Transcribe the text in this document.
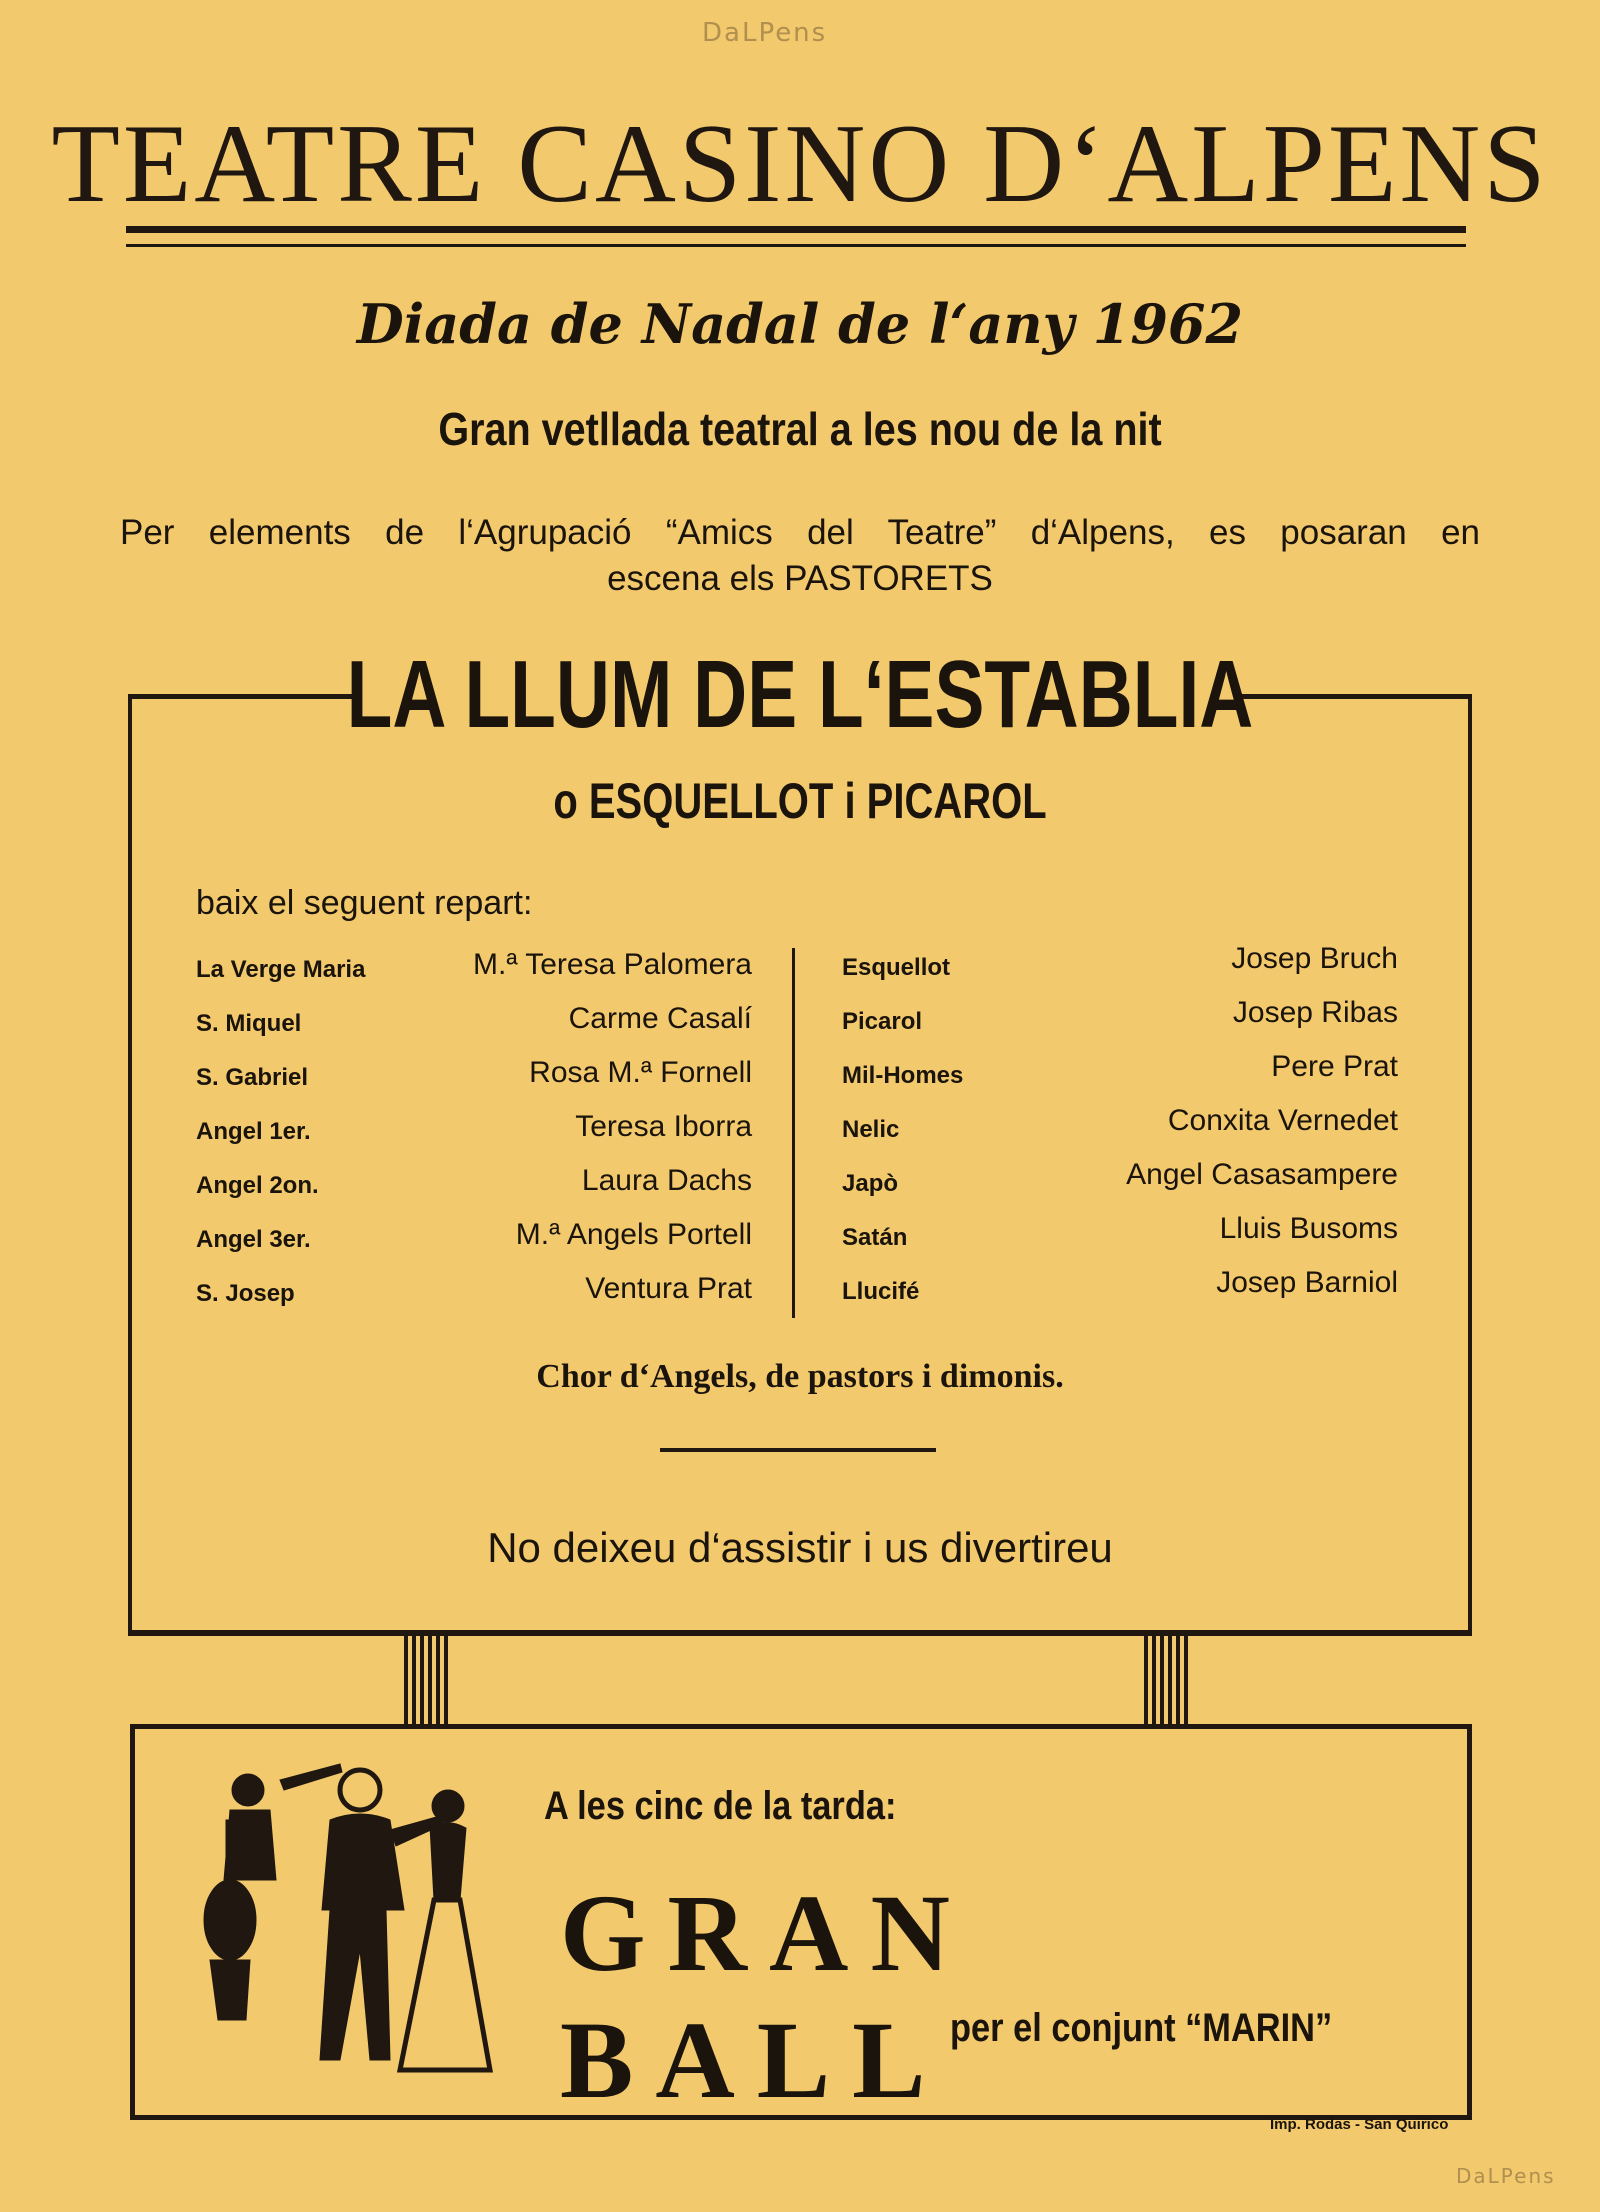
DaLPens
DaLPens
TEATRE CASINO D‘ALPENS
Diada de Nadal de l‘any 1962
Gran vetllada teatral a les nou de la nit
Per elements de l‘Agrupació “Amics del Teatre” d‘Alpens, es posaran en
escena els PASTORETS
LA LLUM DE L‘ESTABLIA
o ESQUELLOT i PICAROL
baix el seguent repart:
La Verge Maria	M.ª Teresa Palomera
S. Miquel	Carme Casalí
S. Gabriel	Rosa M.ª Fornell
Angel 1er.	Teresa Iborra
Angel 2on.	Laura Dachs
Angel 3er.	M.ª Angels Portell
S. Josep	Ventura Prat
Esquellot	Josep Bruch
Picarol	Josep Ribas
Mil-Homes	Pere Prat
Nelic	Conxita Vernedet
Japò	Angel Casasampere
Satán	Lluis Busoms
Llucifé	Josep Barniol
Chor d‘Angels, de pastors i dimonis.
No deixeu d‘assistir i us divertireu
A les cinc de la tarda:
GRAN BALL per el conjunt “MARIN”
Imp. Rodas - San Quirico
